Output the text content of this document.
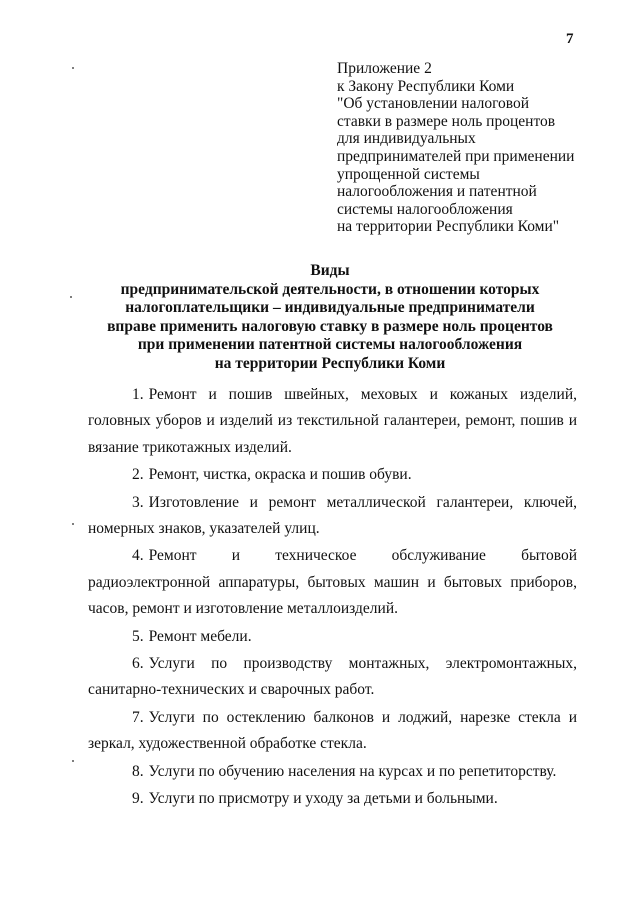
7
Приложение 2
к Закону Республики Коми
"Об установлении налоговой
ставки в размере ноль процентов
для индивидуальных
предпринимателей при применении
упрощенной системы
налогообложения и патентной
системы налогообложения
на территории Республики Коми"
Виды
предпринимательской деятельности, в отношении которых
налогоплательщики – индивидуальные предприниматели
вправе применить налоговую ставку в размере ноль процентов
при применении патентной системы налогообложения
на территории Республики Коми

1. Ремонт и пошив швейных, меховых и кожаных изделий, головных уборов и изделий из текстильной галантереи, ремонт, пошив и вязание трикотажных изделий.

2. Ремонт, чистка, окраска и пошив обуви.

3. Изготовление и ремонт металлической галантереи, ключей, номерных знаков, указателей улиц.

4. Ремонт и техническое обслуживание бытовой радиоэлектронной аппаратуры, бытовых машин и бытовых приборов, часов, ремонт и изготовление металлоизделий.

5. Ремонт мебели.

6. Услуги по производству монтажных, электромонтажных, санитарно-технических и сварочных работ.

7. Услуги по остеклению балконов и лоджий, нарезке стекла и зеркал, художественной обработке стекла.

8. Услуги по обучению населения на курсах и по репетиторству.

9. Услуги по присмотру и уходу за детьми и больными.
